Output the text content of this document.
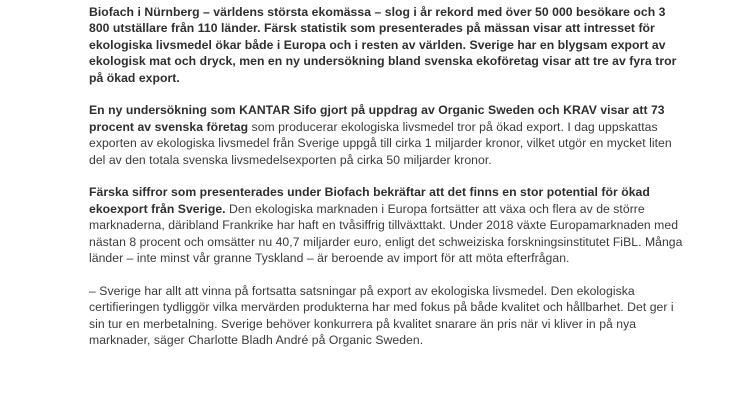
Biofach i Nürnberg – världens största ekomässa – slog i år rekord med över 50 000 besökare och 3 800 utställare från 110 länder. Färsk statistik som presenterades på mässan visar att intresset för ekologiska livsmedel ökar både i Europa och i resten av världen. Sverige har en blygsam export av ekologisk mat och dryck, men en ny undersökning bland svenska ekoföretag visar att tre av fyra tror på ökad export.

En ny undersökning som KANTAR Sifo gjort på uppdrag av Organic Sweden och KRAV visar att 73 procent av svenska företag som producerar ekologiska livsmedel tror på ökad export. I dag uppskattas exporten av ekologiska livsmedel från Sverige uppgå till cirka 1 miljarder kronor, vilket utgör en mycket liten del av den totala svenska livsmedelsexporten på cirka 50 miljarder kronor.

Färska siffror som presenterades under Biofach bekräftar att det finns en stor potential för ökad ekoexport från Sverige. Den ekologiska marknaden i Europa fortsätter att växa och flera av de större marknaderna, däribland Frankrike har haft en tvåsiffrig tillväxttakt. Under 2018 växte Europamarknaden med nästan 8 procent och omsätter nu 40,7 miljarder euro, enligt det schweiziska forskningsinstitutet FiBL. Många länder – inte minst vår granne Tyskland – är beroende av import för att möta efterfrågan.

– Sverige har allt att vinna på fortsatta satsningar på export av ekologiska livsmedel. Den ekologiska certifieringen tydliggör vilka mervärden produkterna har med fokus på både kvalitet och hållbarhet. Det ger i sin tur en merbetalning. Sverige behöver konkurrera på kvalitet snarare än pris när vi kliver in på nya marknader, säger Charlotte Bladh André på Organic Sweden.
